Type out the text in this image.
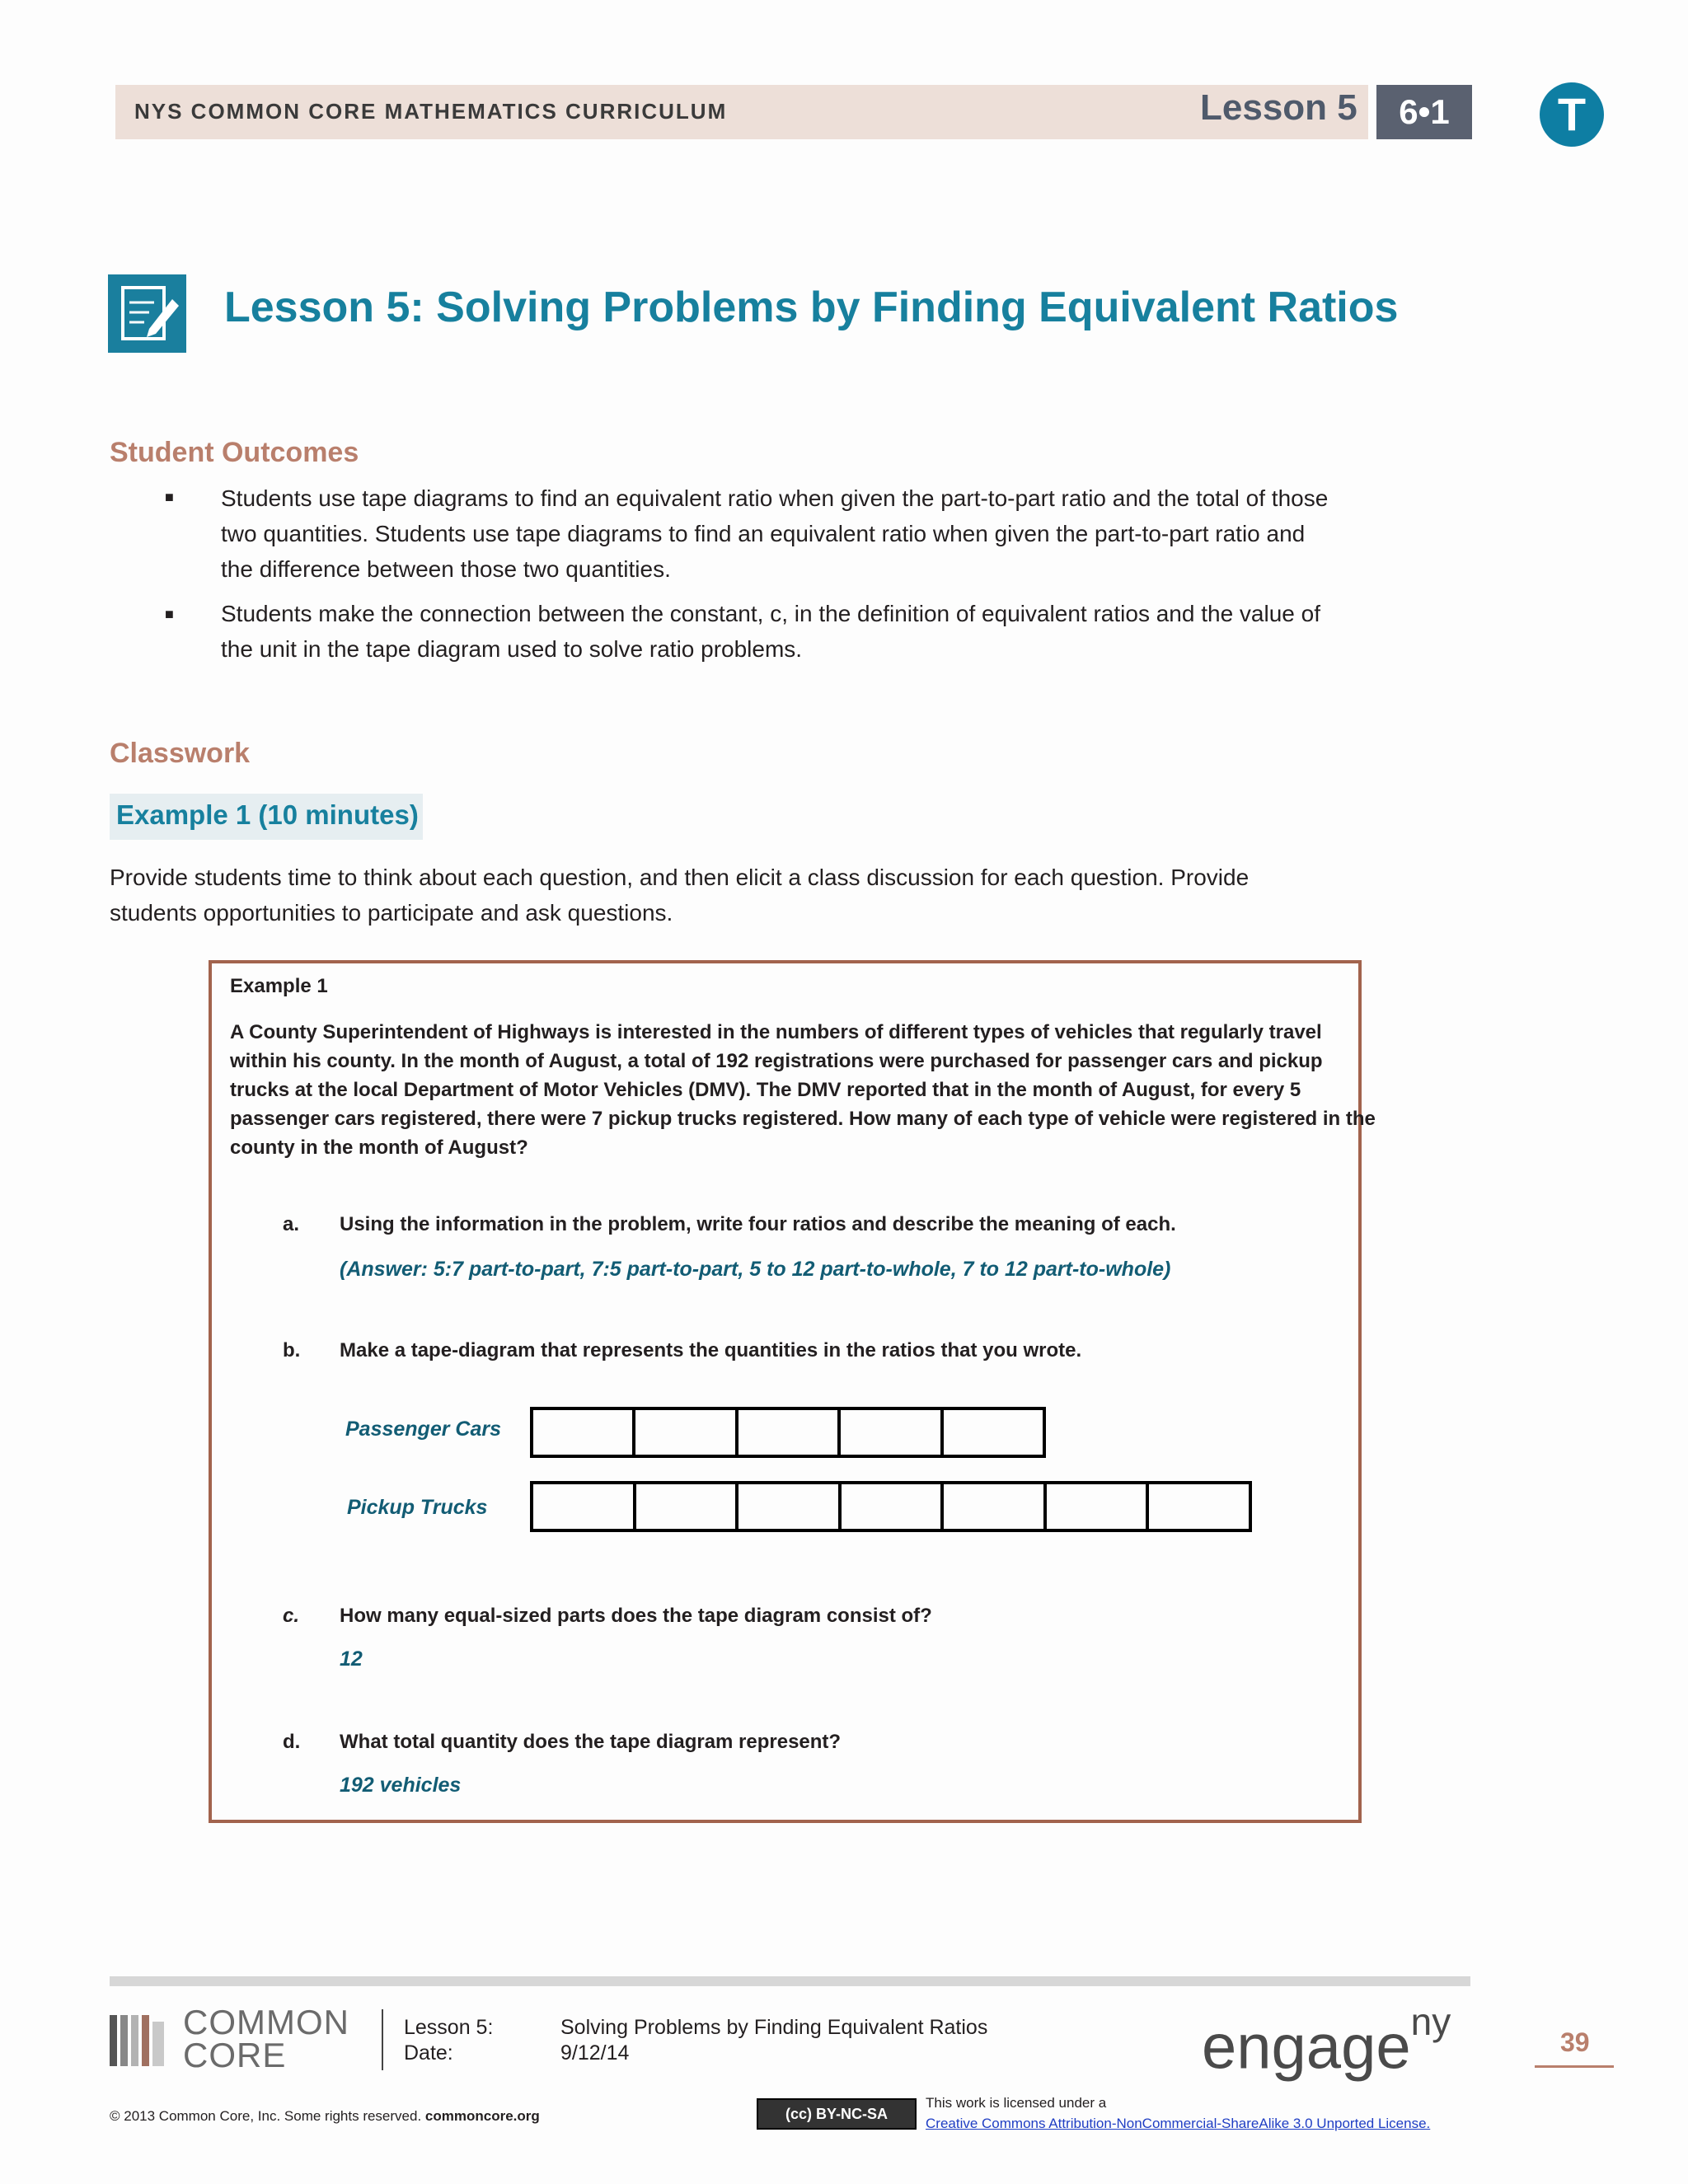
NYS COMMON CORE MATHEMATICS CURRICULUM	Lesson 5	6•1	T
Lesson 5: Solving Problems by Finding Equivalent Ratios
Student Outcomes
■ Students use tape diagrams to find an equivalent ratio when given the part-to-part ratio and the total of those
two quantities. Students use tape diagrams to find an equivalent ratio when given the part-to-part ratio and
the difference between those two quantities.
■ Students make the connection between the constant, c, in the definition of equivalent ratios and the value of
the unit in the tape diagram used to solve ratio problems.
Classwork
Example 1 (10 minutes)
Provide students time to think about each question, and then elicit a class discussion for each question. Provide
students opportunities to participate and ask questions.
Example 1
A County Superintendent of Highways is interested in the numbers of different types of vehicles that regularly travel
within his county. In the month of August, a total of 192 registrations were purchased for passenger cars and pickup
trucks at the local Department of Motor Vehicles (DMV). The DMV reported that in the month of August, for every 5
passenger cars registered, there were 7 pickup trucks registered. How many of each type of vehicle were registered in the
county in the month of August?
a. Using the information in the problem, write four ratios and describe the meaning of each.
(Answer: 5:7 part-to-part, 7:5 part-to-part, 5 to 12 part-to-whole, 7 to 12 part-to-whole)
b. Make a tape-diagram that represents the quantities in the ratios that you wrote.
Passenger Cars
Pickup Trucks
c. How many equal-sized parts does the tape diagram consist of?
12
d. What total quantity does the tape diagram represent?
192 vehicles
COMMON
CORE
Lesson 5:	Solving Problems by Finding Equivalent Ratios
Date:	9/12/14	engage$^{ny}$	39
© 2013 Common Core, Inc. Some rights reserved. commoncore.org	(cc) BY-NC-SA
This work is licensed under a
Creative Commons Attribution-NonCommercial-ShareAlike 3.0 Unported License.
